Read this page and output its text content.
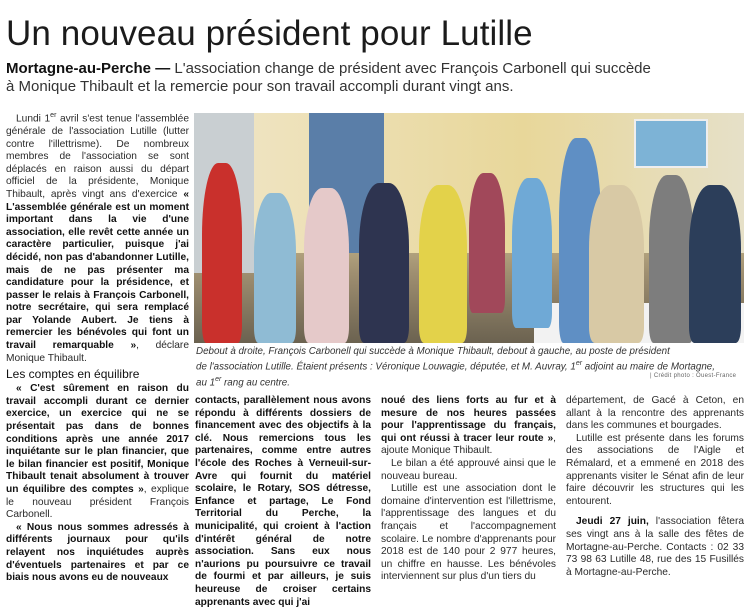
Un nouveau président pour Lutille
Mortagne-au-Perche — L'association change de président avec François Carbonell qui succède
à Monique Thibault et la remercie pour son travail accompli durant vingt ans.

Lundi 1er avril s'est tenue l'assemblée générale de l'association Lutille (lutter contre l'illettrisme). De nombreux membres de l'association se sont déplacés en raison aussi du départ officiel de la présidente, Monique Thibault, après vingt ans d'exercice « L'assemblée générale est un moment important dans la vie d'une association, elle revêt cette année un caractère particulier, puisque j'ai décidé, non pas d'abandonner Lutille, mais de ne pas présenter ma candidature pour la présidence, et passer le relais à François Carbonell, notre secrétaire, qui sera remplacé par Yolande Aubert. Je tiens à remercier les bénévoles qui font un travail remarquable », déclare Monique Thibault.

Les comptes en équilibre

« C'est sûrement en raison du travail accompli durant ce dernier exercice, un exercice qui ne se présentait pas dans de bonnes conditions après une année 2017 inquiétante sur le plan financier, que le bilan financier est positif, Monique Thibault tenait absolument à trouver un équilibre des comptes », explique le nouveau président François Carbonell.

« Nous nous sommes adressés à différents journaux pour qu'ils relayent nos inquiétudes auprès d'éventuels partenaires et par ce biais nous avons eu de nouveaux

Debout à droite, François Carbonell qui succède à Monique Thibault, debout à gauche, au poste de président
de l'association Lutille. Étaient présents : Véronique Louwagie, députée, et M. Auvray, 1er adjoint au maire de Mortagne,
au 1er rang au centre.
| Crédit photo : Ouest-France

contacts, parallèlement nous avons répondu à différents dossiers de financement avec des objectifs à la clé. Nous remercions tous les partenaires, comme entre autres l'école des Roches à Verneuil-sur-Avre qui fournit du matériel scolaire, le Rotary, SOS détresse, Enfance et partage, Le Fond Territorial du Perche, la municipalité, qui croient à l'action d'intérêt général de notre association. Sans eux nous n'aurions pu poursuivre ce travail de fourmi et par ailleurs, je suis heureuse de croiser certains apprenants avec qui j'ai

noué des liens forts au fur et à mesure de nos heures passées pour l'apprentissage du français, qui ont réussi à tracer leur route », ajoute Monique Thibault.

Le bilan a été approuvé ainsi que le nouveau bureau.

Lutille est une association dont le domaine d'intervention est l'illettrisme, l'apprentissage des langues et du français et l'accompagnement scolaire. Le nombre d'apprenants pour 2018 est de 140 pour 2 977 heures, un chiffre en hausse. Les bénévoles interviennent sur plus d'un tiers du

département, de Gacé à Ceton, en allant à la rencontre des apprenants dans les communes et bourgades.

Lutille est présente dans les forums des associations de l'Aigle et Rémalard, et a emmené en 2018 des apprenants visiter le Sénat afin de leur faire découvrir les structures qui les entourent.

Jeudi 27 juin, l'association fêtera ses vingt ans à la salle des fêtes de Mortagne-au-Perche. Contacts : 02 33 73 98 63 Lutille 48, rue des 15 Fusillés à Mortagne-au-Perche.
